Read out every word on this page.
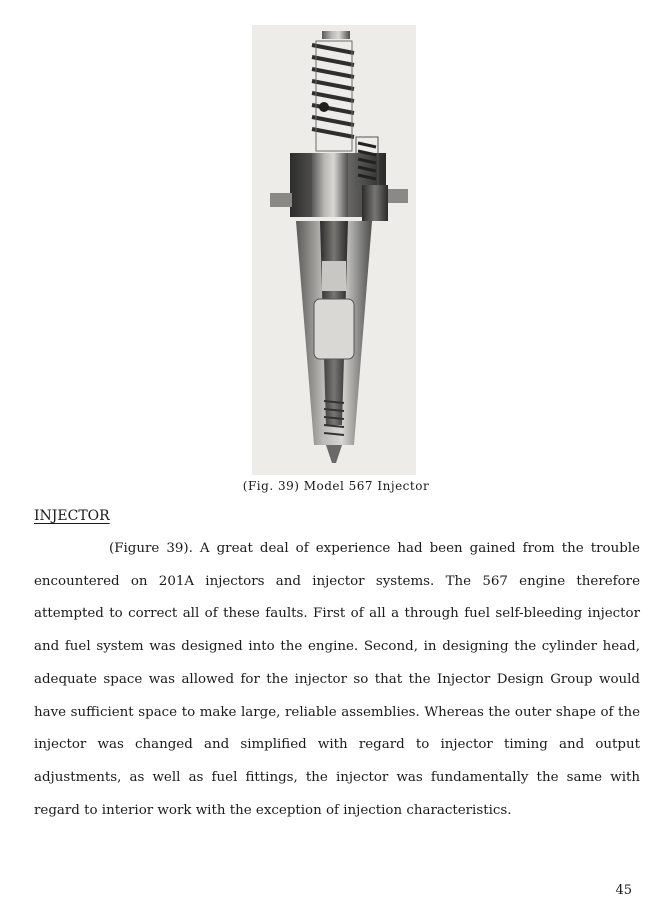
(Fig. 39) Model 567 Injector
INJECTOR

(Figure 39). A great deal of experience had been gained from the trouble encountered on 201A injectors and injector systems. The 567 engine therefore attempted to correct all of these faults. First of all a through fuel self-bleeding injector and fuel system was designed into the engine. Second, in designing the cylinder head, adequate space was allowed for the injector so that the Injector Design Group would have sufficient space to make large, reliable assemblies. Whereas the outer shape of the injector was changed and simplified with regard to injector timing and output adjustments, as well as fuel fittings, the injector was fundamentally the same with regard to interior work with the exception of injection characteristics.

45
